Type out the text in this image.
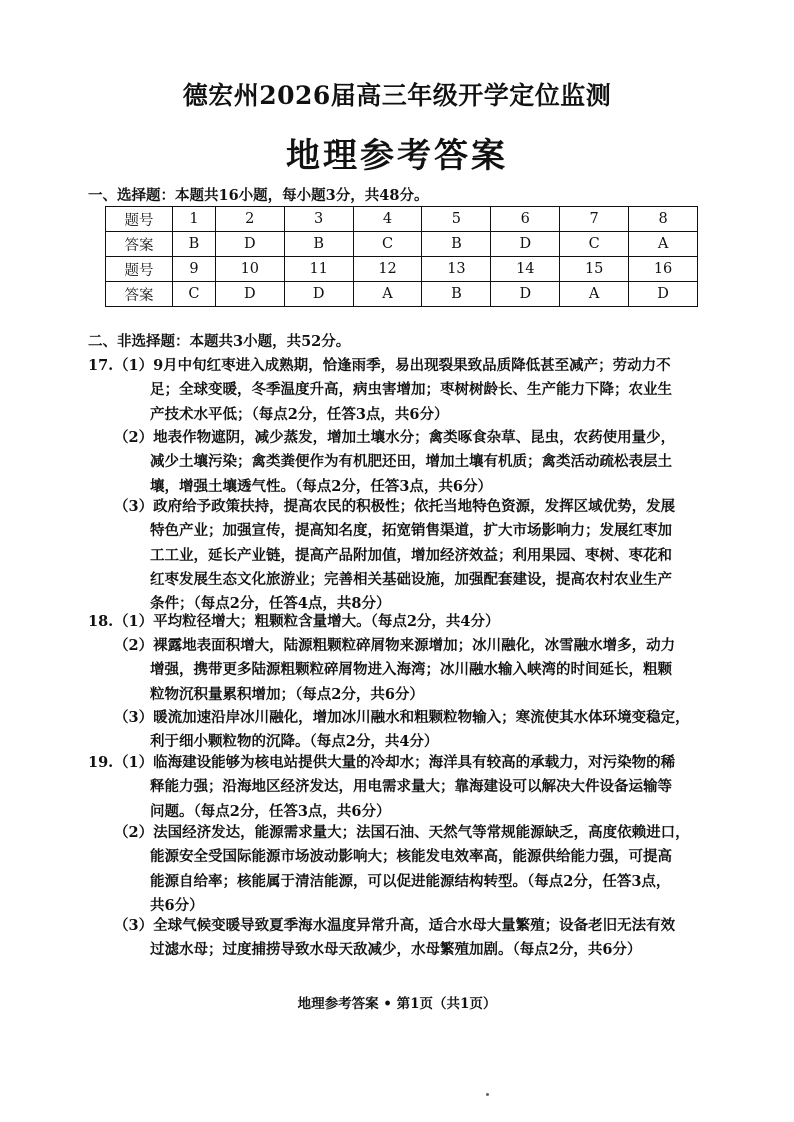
德宏州2026届高三年级开学定位监测
地理参考答案
一、选择题：本题共16小题，每小题3分，共48分。
题号	1	2	3	4	5	6	7	8
答案	B	D	B	C	B	D	C	A
题号	9	10	11	12	13	14	15	16
答案	C	D	D	A	B	D	A	D
二、非选择题：本题共3小题，共52分。
17. （1）9月中旬红枣进入成熟期，恰逢雨季，易出现裂果致品质降低甚至减产；劳动力不
足；全球变暖，冬季温度升高，病虫害增加；枣树树龄长、生产能力下降；农业生
产技术水平低；（每点2分，任答3点，共6分）
（2）地表作物遮阴，减少蒸发，增加土壤水分；禽类啄食杂草、昆虫，农药使用量少，
减少土壤污染；禽类粪便作为有机肥还田，增加土壤有机质；禽类活动疏松表层土
壤，增强土壤透气性。（每点2分，任答3点，共6分）
（3）政府给予政策扶持，提高农民的积极性；依托当地特色资源，发挥区域优势，发展
特色产业；加强宣传，提高知名度，拓宽销售渠道，扩大市场影响力；发展红枣加
工工业，延长产业链，提高产品附加值，增加经济效益；利用果园、枣树、枣花和
红枣发展生态文化旅游业；完善相关基础设施，加强配套建设，提高农村农业生产
条件；（每点2分，任答4点，共8分）
18. （1）平均粒径增大；粗颗粒含量增大。（每点2分，共4分）
（2）裸露地表面积增大，陆源粗颗粒碎屑物来源增加；冰川融化，冰雪融水增多，动力
增强，携带更多陆源粗颗粒碎屑物进入海湾；冰川融水输入峡湾的时间延长，粗颗
粒物沉积量累积增加；（每点2分，共6分）
（3）暖流加速沿岸冰川融化，增加冰川融水和粗颗粒物输入；寒流使其水体环境变稳定，
利于细小颗粒物的沉降。（每点2分，共4分）
19. （1）临海建设能够为核电站提供大量的冷却水；海洋具有较高的承载力，对污染物的稀
释能力强；沿海地区经济发达，用电需求量大；靠海建设可以解决大件设备运输等
问题。（每点2分，任答3点，共6分）
（2）法国经济发达，能源需求量大；法国石油、天然气等常规能源缺乏，高度依赖进口，
能源安全受国际能源市场波动影响大；核能发电效率高，能源供给能力强，可提高
能源自给率；核能属于清洁能源，可以促进能源结构转型。（每点2分，任答3点，
共6分）
（3）全球气候变暖导致夏季海水温度异常升高，适合水母大量繁殖；设备老旧无法有效
过滤水母；过度捕捞导致水母天敌减少，水母繁殖加剧。（每点2分，共6分）
地理参考答案 • 第1页（共1页）
